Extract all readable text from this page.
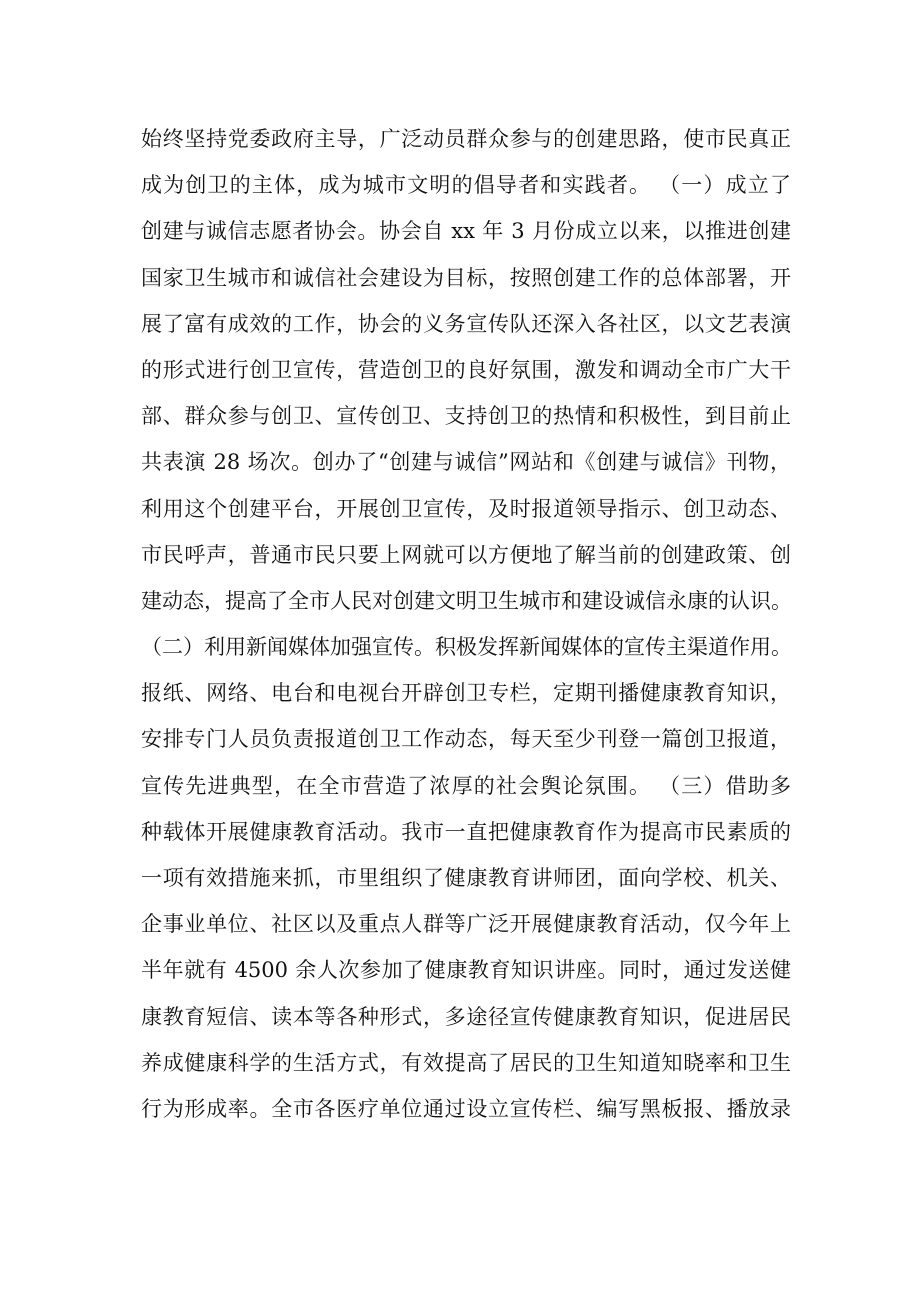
始终坚持党委政府主导，广泛动员群众参与的创建思路，使市民真正
成为创卫的主体，成为城市文明的倡导者和实践者。 （一）成立了
创建与诚信志愿者协会。协会自 xx 年 3 月份成立以来，以推进创建
国家卫生城市和诚信社会建设为目标，按照创建工作的总体部署，开
展了富有成效的工作，协会的义务宣传队还深入各社区，以文艺表演
的形式进行创卫宣传，营造创卫的良好氛围，激发和调动全市广大干
部、群众参与创卫、宣传创卫、支持创卫的热情和积极性，到目前止
共表演 28 场次。创办了“创建与诚信”网站和《创建与诚信》刊物，
利用这个创建平台，开展创卫宣传，及时报道领导指示、创卫动态、
市民呼声，普通市民只要上网就可以方便地了解当前的创建政策、创
建动态，提高了全市人民对创建文明卫生城市和建设诚信永康的认识。
（二）利用新闻媒体加强宣传。积极发挥新闻媒体的宣传主渠道作用。
报纸、网络、电台和电视台开辟创卫专栏，定期刊播健康教育知识，
安排专门人员负责报道创卫工作动态，每天至少刊登一篇创卫报道，
宣传先进典型，在全市营造了浓厚的社会舆论氛围。 （三）借助多
种载体开展健康教育活动。我市一直把健康教育作为提高市民素质的
一项有效措施来抓，市里组织了健康教育讲师团，面向学校、机关、
企事业单位、社区以及重点人群等广泛开展健康教育活动，仅今年上
半年就有 4500 余人次参加了健康教育知识讲座。同时，通过发送健
康教育短信、读本等各种形式，多途径宣传健康教育知识，促进居民
养成健康科学的生活方式，有效提高了居民的卫生知道知晓率和卫生
行为形成率。全市各医疗单位通过设立宣传栏、编写黑板报、播放录
